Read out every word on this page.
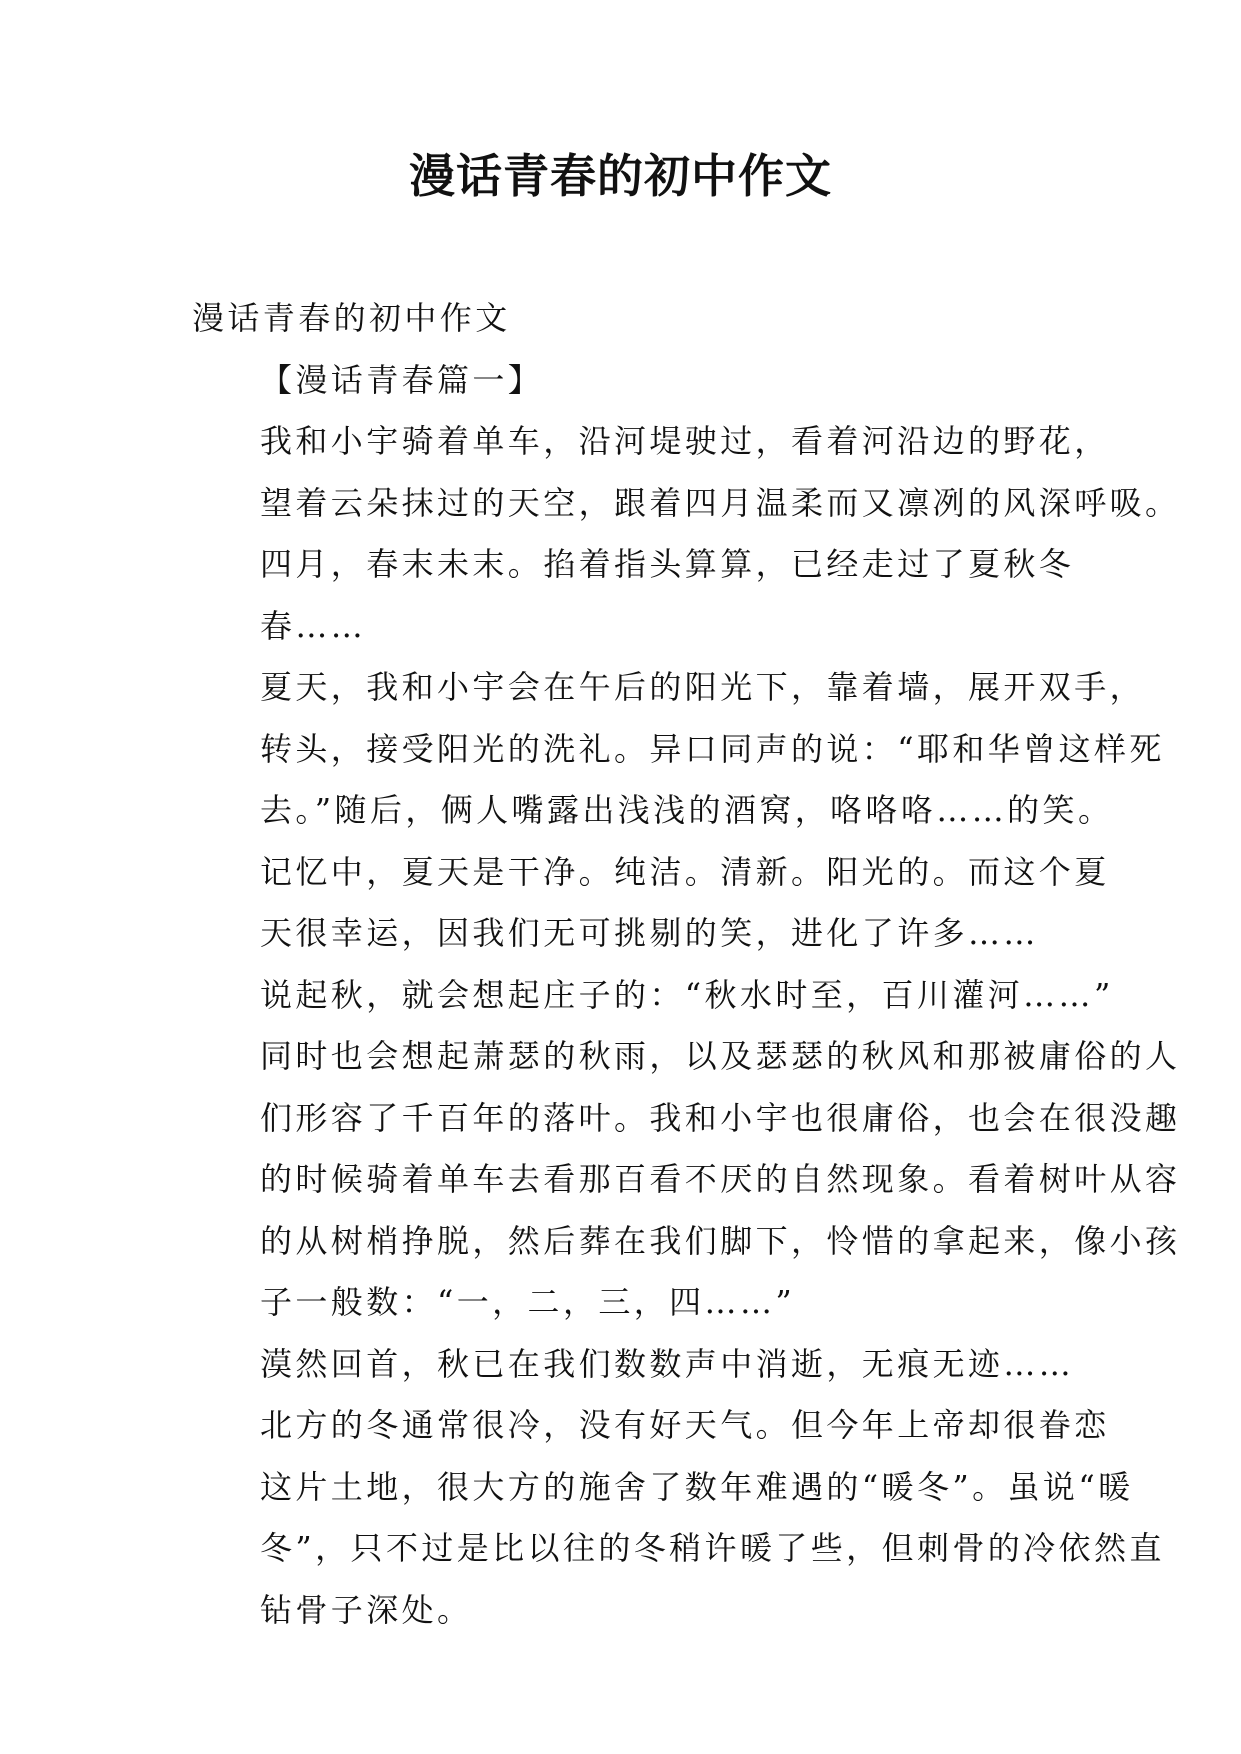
漫话青春的初中作文
漫话青春的初中作文
【漫话青春篇一】
我和小宇骑着单车，沿河堤驶过，看着河沿边的野花，
望着云朵抹过的天空，跟着四月温柔而又凛冽的风深呼吸。
四月，春末未末。掐着指头算算，已经走过了夏秋冬
春……
夏天，我和小宇会在午后的阳光下，靠着墙，展开双手，
转头，接受阳光的洗礼。异口同声的说：“耶和华曾这样死
去。”随后，俩人嘴露出浅浅的酒窝，咯咯咯……的笑。
记忆中，夏天是干净。纯洁。清新。阳光的。而这个夏
天很幸运，因我们无可挑剔的笑，进化了许多……
说起秋，就会想起庄子的：“秋水时至，百川灌河……”
同时也会想起萧瑟的秋雨，以及瑟瑟的秋风和那被庸俗的人
们形容了千百年的落叶。我和小宇也很庸俗，也会在很没趣
的时候骑着单车去看那百看不厌的自然现象。看着树叶从容
的从树梢挣脱，然后葬在我们脚下，怜惜的拿起来，像小孩
子一般数：“一，二，三，四……”
漠然回首，秋已在我们数数声中消逝，无痕无迹……
北方的冬通常很冷，没有好天气。但今年上帝却很眷恋
这片土地，很大方的施舍了数年难遇的“暖冬”。虽说“暖
冬”，只不过是比以往的冬稍许暖了些，但刺骨的冷依然直
钻骨子深处。
